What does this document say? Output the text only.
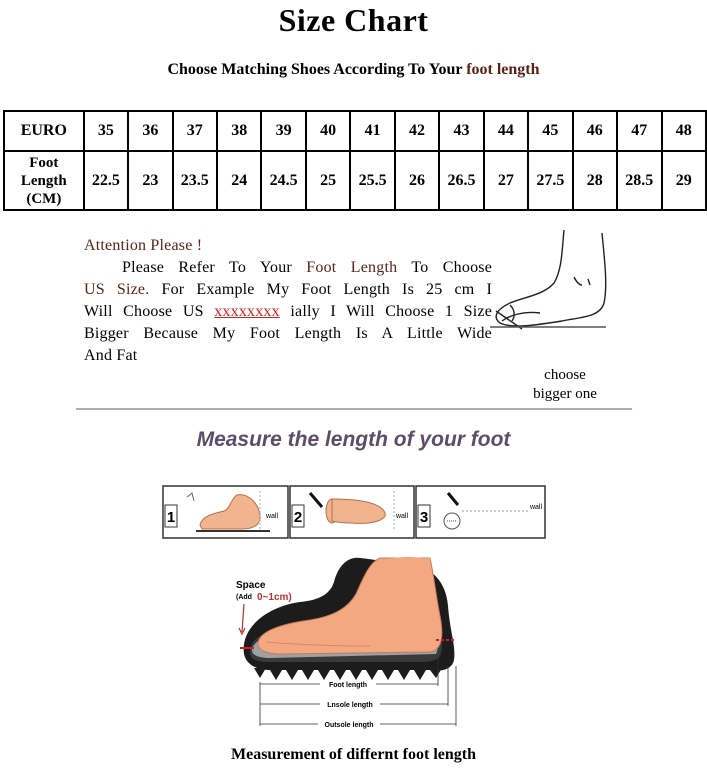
Size Chart
Choose Matching Shoes According To Your foot length
EURO	35	36	37	38	39	40	41	42	43	44	45	46	47	48

Foot
Length
(CM)	22.5	23	23.5	24	24.5	25	25.5	26	26.5	27	27.5	28	28.5	29

Attention Please !

Please Refer To Your Foot Length To Choose

US Size. For Example My Foot Length Is 25 cm I

Will Choose US xxxxxxxx ially I Will Choose 1 Size

Bigger Because My Foot Length Is A Little Wide

And Fat

choose
bigger one
Measure the length of your foot
1	wall 2	wall 3
wall
Space
(Add 0~1cm)
Foot length
Lnsole length
Outsole length
Measurement of differnt foot length
